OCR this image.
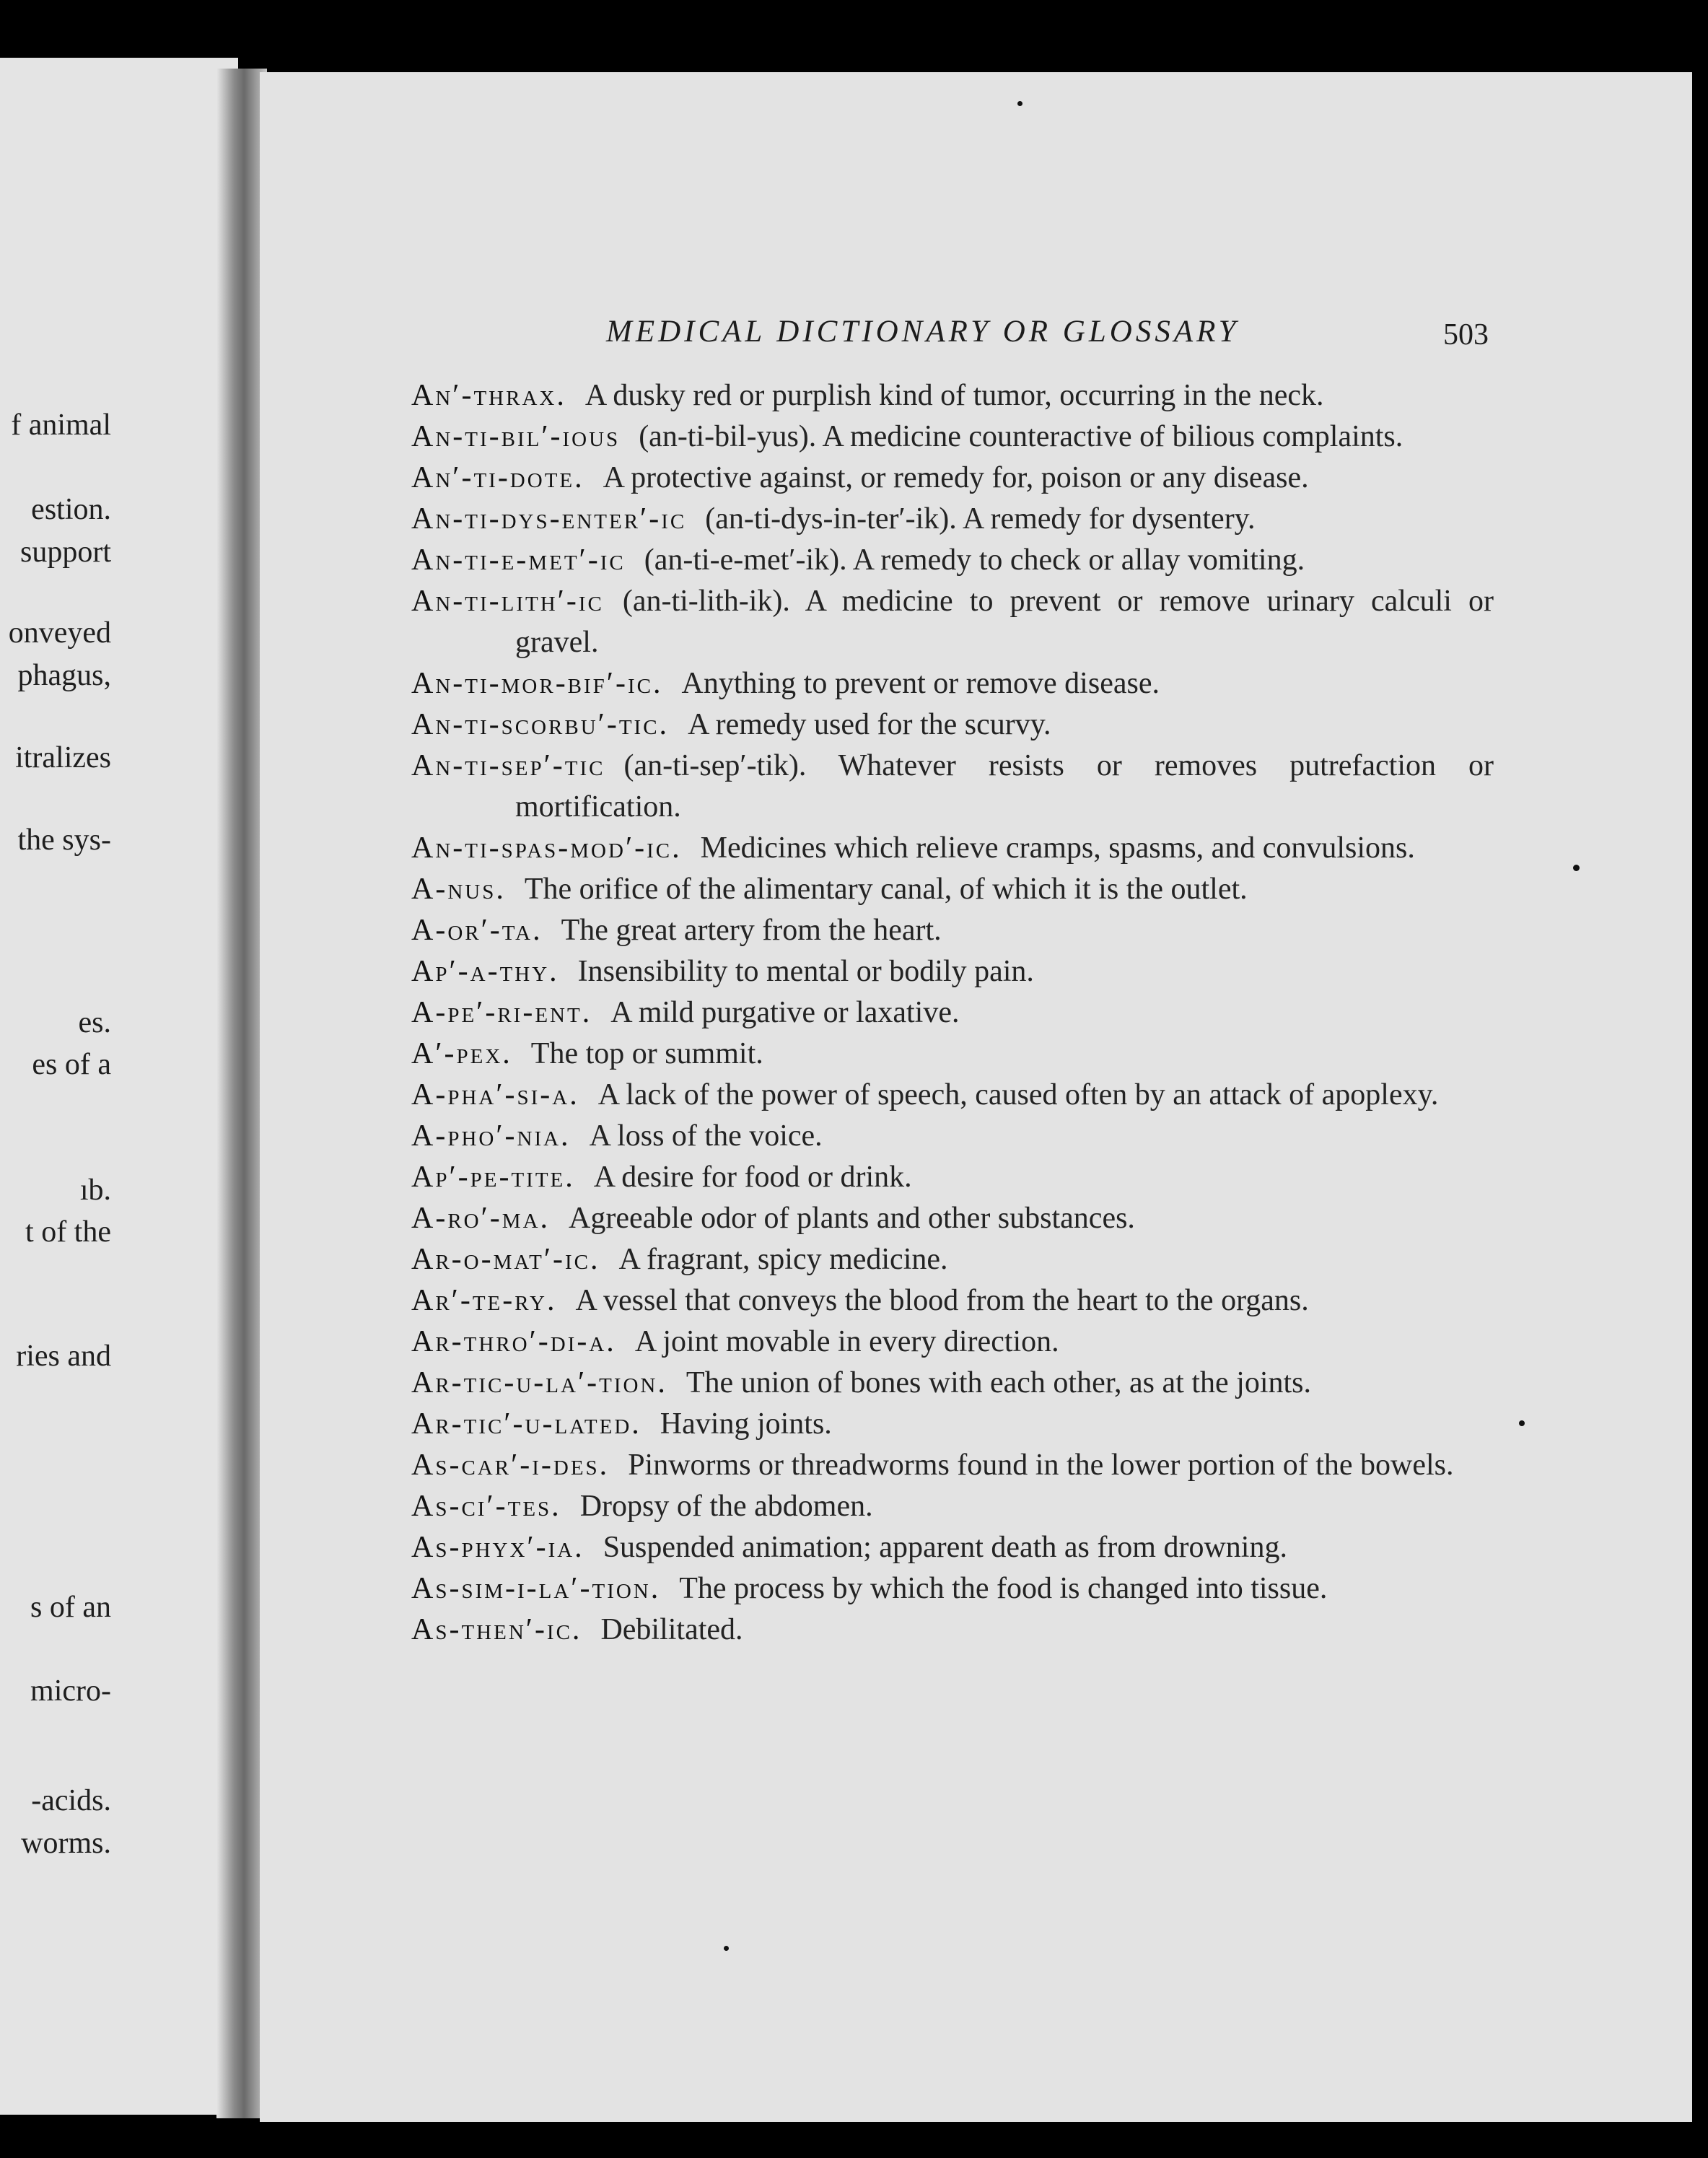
f animal
estion.
support
onveyed
phagus,
itralizes
the sys-
es.
es of a
ıb.
t of the
ries and
s of an
micro-
-acids.
worms.
MEDICAL DICTIONARY OR GLOSSARY	503
An′-thrax. A dusky red or purplish kind of tumor, occurring in the neck.
An-ti-bil′-ious (an-ti-bil-yus). A medicine counteractive of bilious complaints.
An′-ti-dote. A protective against, or remedy for, poison or any disease.
An-ti-dys-enter′-ic (an-ti-dys-in-ter′-ik). A remedy for dysentery.
An-ti-e-met′-ic (an-ti-e-met′-ik). A remedy to check or allay vomiting.
An-ti-lith′-ic (an-ti-lith-ik). A medicine to prevent or remove urinary calculi or gravel.
An-ti-mor-bif′-ic. Anything to prevent or remove disease.
An-ti-scorbu′-tic. A remedy used for the scurvy.
An-ti-sep′-tic (an-ti-sep′-tik). Whatever resists or removes putrefaction or mortification.
An-ti-spas-mod′-ic. Medicines which relieve cramps, spasms, and convulsions.
A-nus. The orifice of the alimentary canal, of which it is the outlet.
A-or′-ta. The great artery from the heart.
Ap′-a-thy. Insensibility to mental or bodily pain.
A-pe′-ri-ent. A mild purgative or laxative.
A′-pex. The top or summit.
A-pha′-si-a. A lack of the power of speech, caused often by an attack of apoplexy.
A-pho′-nia. A loss of the voice.
Ap′-pe-tite. A desire for food or drink.
A-ro′-ma. Agreeable odor of plants and other substances.
Ar-o-mat′-ic. A fragrant, spicy medicine.
Ar′-te-ry. A vessel that conveys the blood from the heart to the organs.
Ar-thro′-di-a. A joint movable in every direction.
Ar-tic-u-la′-tion. The union of bones with each other, as at the joints.
Ar-tic′-u-lated. Having joints.
As-car′-i-des. Pinworms or threadworms found in the lower portion of the bowels.
As-ci′-tes. Dropsy of the abdomen.
As-phyx′-ia. Suspended animation; apparent death as from drowning.
As-sim-i-la′-tion. The process by which the food is changed into tissue.
As-then′-ic. Debilitated.
